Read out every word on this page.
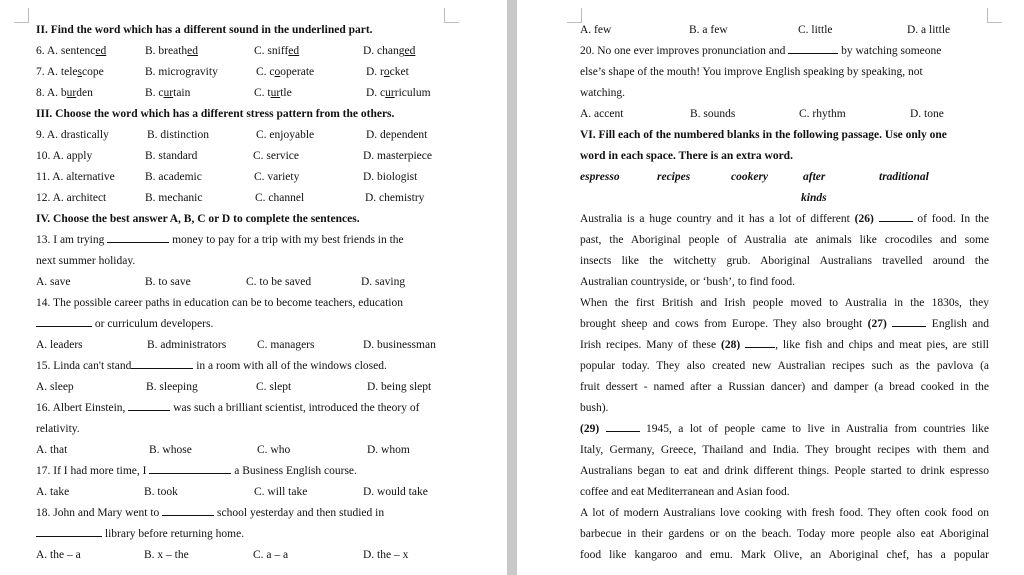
II. Find the word which has a different sound in the underlined part.
6. A. sentenced	B. breathed	C. sniffed	D. changed
7. A. telescope	B. microgravity	C. cooperate	D. rocket
8. A. burden	B. curtain	C. turtle	D. curriculum
III. Choose the word which has a different stress pattern from the others.
9. A. drastically	B. distinction	C. enjoyable	D. dependent
10. A. apply	B. standard	C. service	D. masterpiece
11. A. alternative	B. academic	C. variety	D. biologist
12. A. architect	B. mechanic	C. channel	D. chemistry
IV. Choose the best answer A, B, C or D to complete the sentences.
13. I am trying	money to pay for a trip with my best friends in the
next summer holiday.
A. save	B. to save	C. to be saved	D. saving
14. The possible career paths in education can be to become teachers, education
or curriculum developers.
A. leaders	B. administrators	C. managers	D. businessman
15. Linda can't stand	in a room with all of the windows closed.
A. sleep	B. sleeping	C. slept	D. being slept
16. Albert Einstein,	was such a brilliant scientist, introduced the theory of
relativity.
A. that	B. whose	C. who	D. whom
17. If I had more time, I	a Business English course.
A. take	B. took	C. will take	D. would take
18. John and Mary went to	school yesterday and then studied in
library before returning home.
A. the – a	B. x – the	C. a – a	D. the – x
A. few	B. a few	C. little	D. a little
20. No one ever improves pronunciation and	by watching someone
else’s shape of the mouth! You improve English speaking by speaking, not
watching.
A. accent	B. sounds	C. rhythm	D. tone
VI. Fill each of the numbered blanks in the following passage. Use only one
word in each space. There is an extra word.
espresso	recipes	cookery	after	traditional
kinds
Australia is a huge country and it has a lot of different (26)	of food. In the
past, the Aboriginal people of Australia ate animals like crocodiles and some
insects like the witchetty grub. Aboriginal Australians travelled around the
Australian countryside, or ‘bush’, to find food.
When the first British and Irish people moved to Australia in the 1830s, they
brought sheep and cows from Europe. They also brought (27)	English and
Irish recipes. Many of these (28)	, like fish and chips and meat pies, are still
popular today. They also created new Australian recipes such as the pavlova (a
fruit dessert - named after a Russian dancer) and damper (a bread cooked in the
bush).
(29)	1945, a lot of people came to live in Australia from countries like
Italy, Germany, Greece, Thailand and India. They brought recipes with them and
Australians began to eat and drink different things. People started to drink espresso
coffee and eat Mediterranean and Asian food.
A lot of modern Australians love cooking with fresh food. They often cook food on
barbecue in their gardens or on the beach. Today more people also eat Aboriginal
food like kangaroo and emu. Mark Olive, an Aboriginal chef, has a popular
